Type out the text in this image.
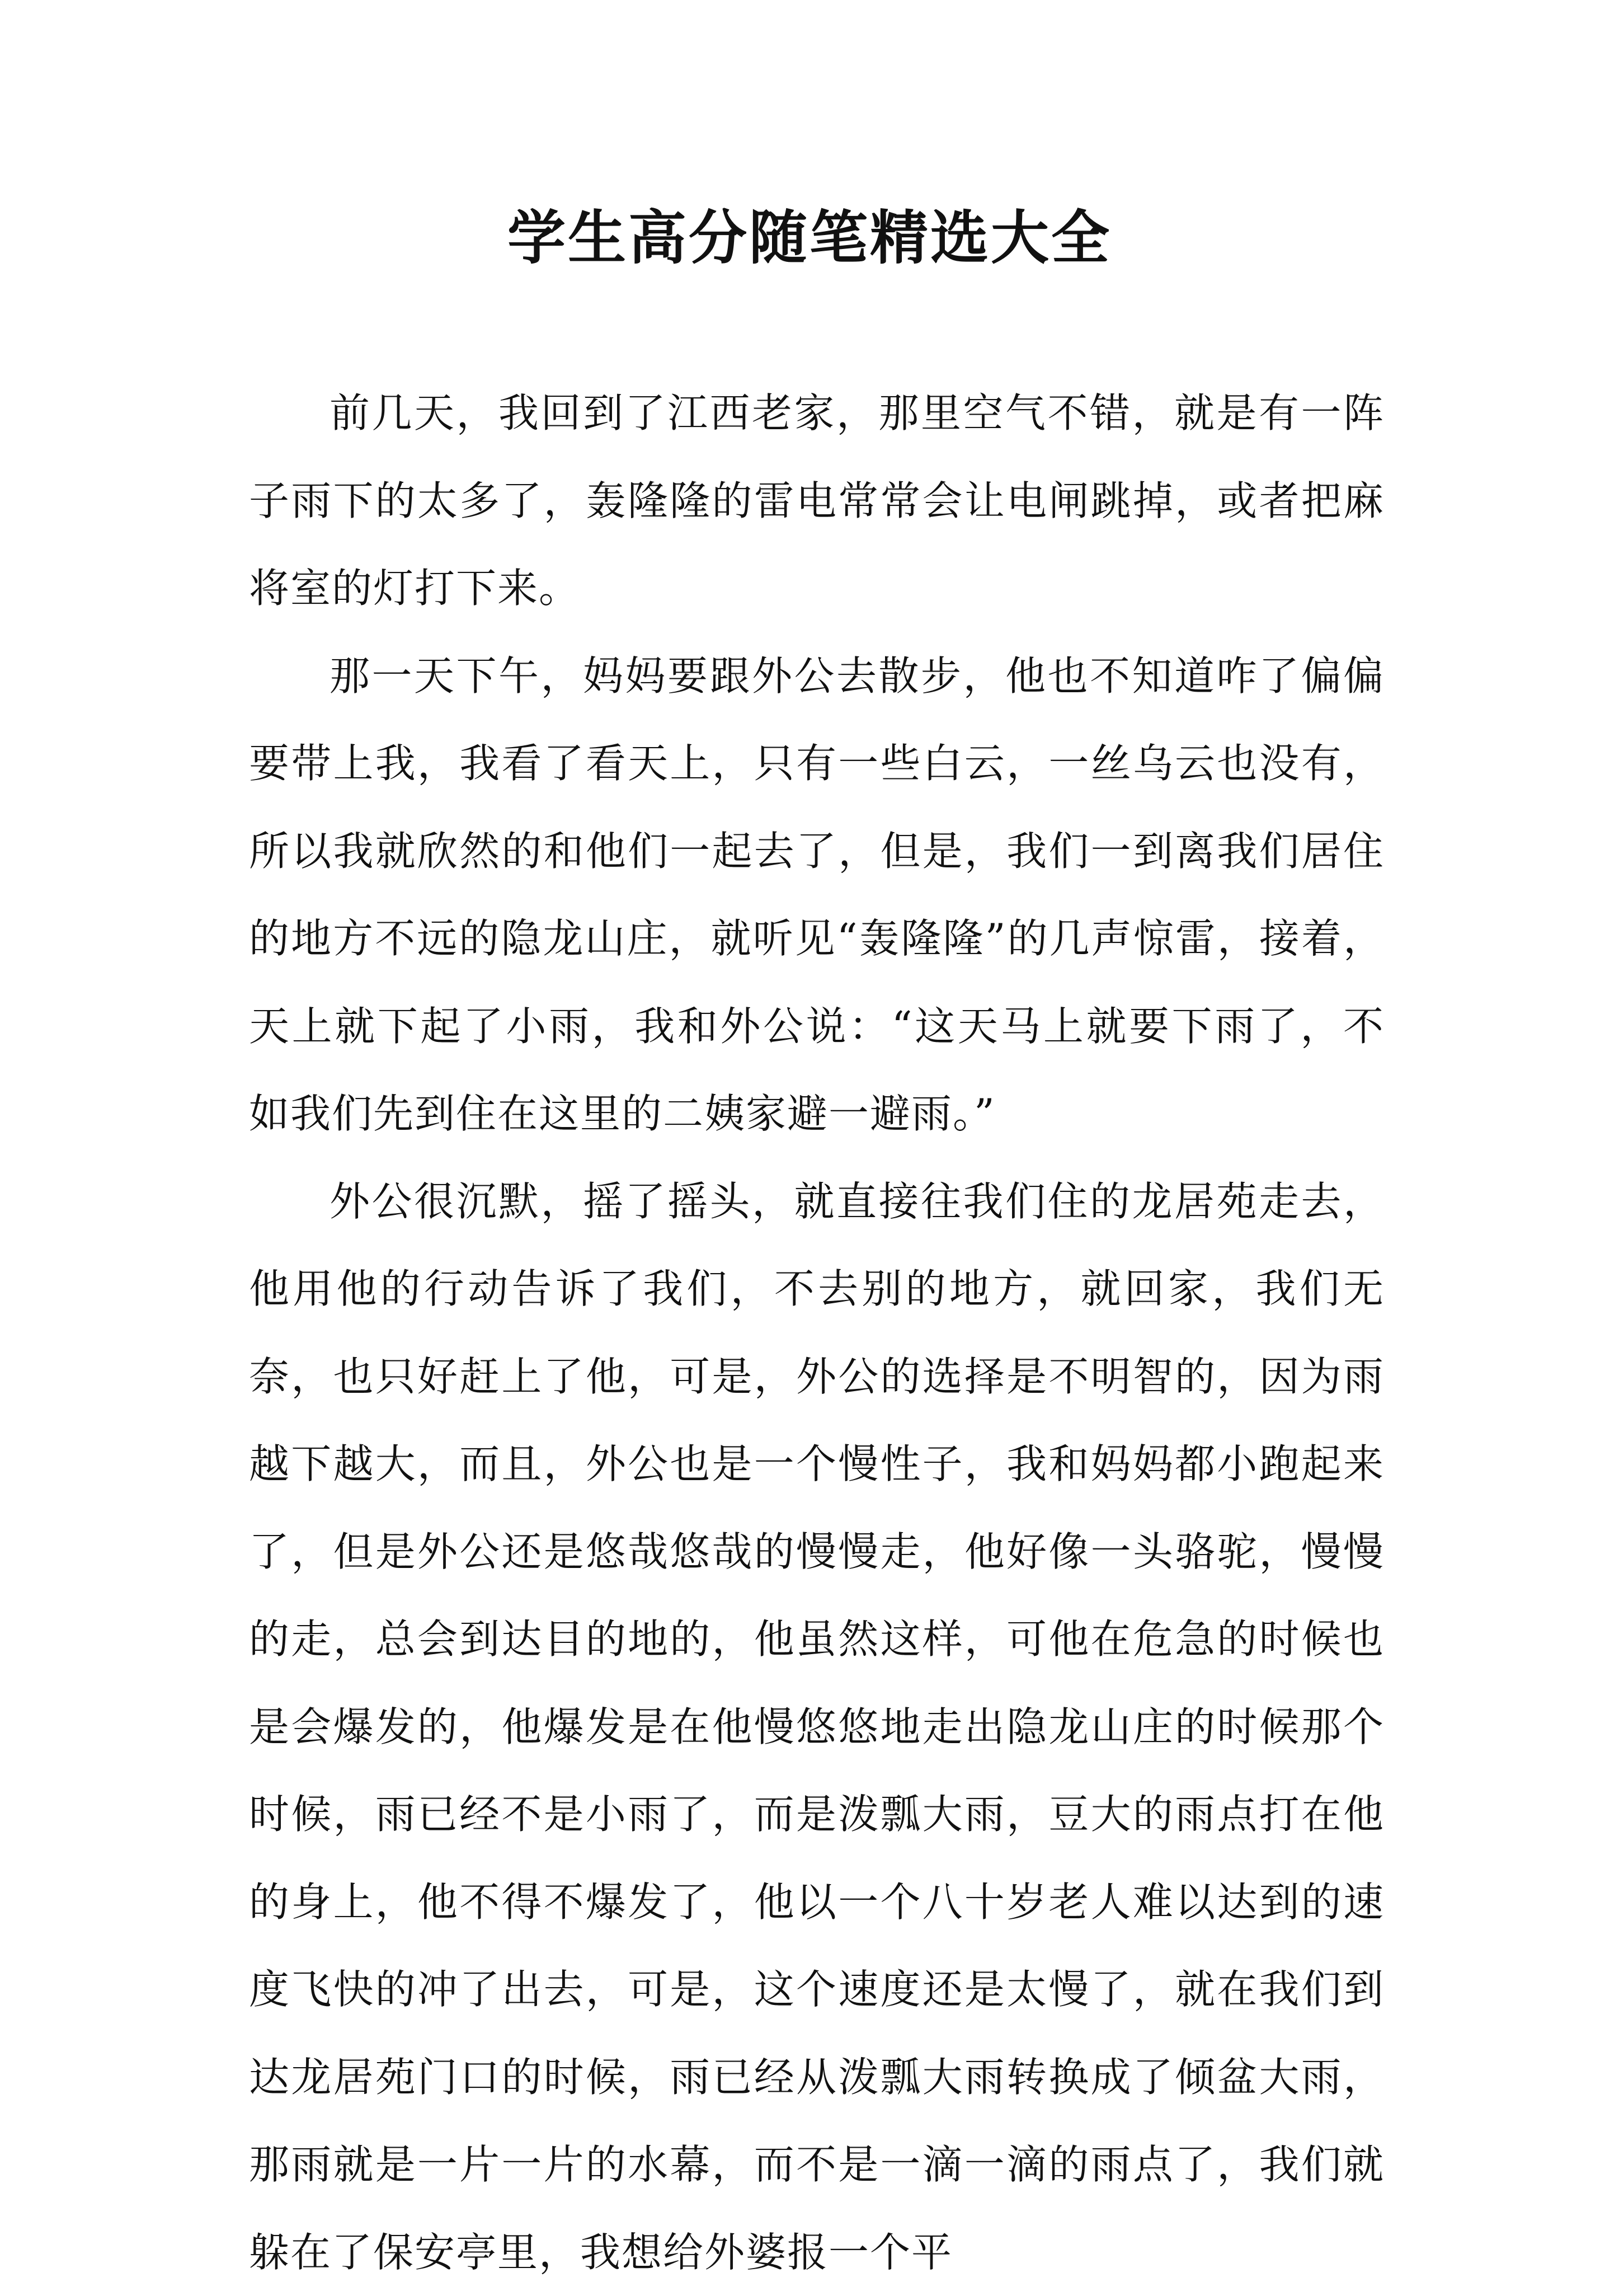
学生高分随笔精选大全

前几天，我回到了江西老家，那里空气不错，就是有一阵子雨下的太多了，轰隆隆的雷电常常会让电闸跳掉，或者把麻将室的灯打下来。

那一天下午，妈妈要跟外公去散步，他也不知道咋了偏偏要带上我，我看了看天上，只有一些白云，一丝乌云也没有，所以我就欣然的和他们一起去了，但是，我们一到离我们居住的地方不远的隐龙山庄，就听见“轰隆隆”的几声惊雷，接着，天上就下起了小雨，我和外公说：“这天马上就要下雨了，不如我们先到住在这里的二姨家避一避雨。”

外公很沉默，摇了摇头，就直接往我们住的龙居苑走去，他用他的行动告诉了我们，不去别的地方，就回家，我们无奈，也只好赶上了他，可是，外公的选择是不明智的，因为雨越下越大，而且，外公也是一个慢性子，我和妈妈都小跑起来了，但是外公还是悠哉悠哉的慢慢走，他好像一头骆驼，慢慢的走，总会到达目的地的，他虽然这样，可他在危急的时候也是会爆发的，他爆发是在他慢悠悠地走出隐龙山庄的时候那个时候，雨已经不是小雨了，而是泼瓢大雨，豆大的雨点打在他的身上，他不得不爆发了，他以一个八十岁老人难以达到的速度飞快的冲了出去，可是，这个速度还是太慢了，就在我们到达龙居苑门口的时候，雨已经从泼瓢大雨转换成了倾盆大雨，那雨就是一片一片的水幕，而不是一滴一滴的雨点了，我们就躲在了保安亭里，我想给外婆报一个平
